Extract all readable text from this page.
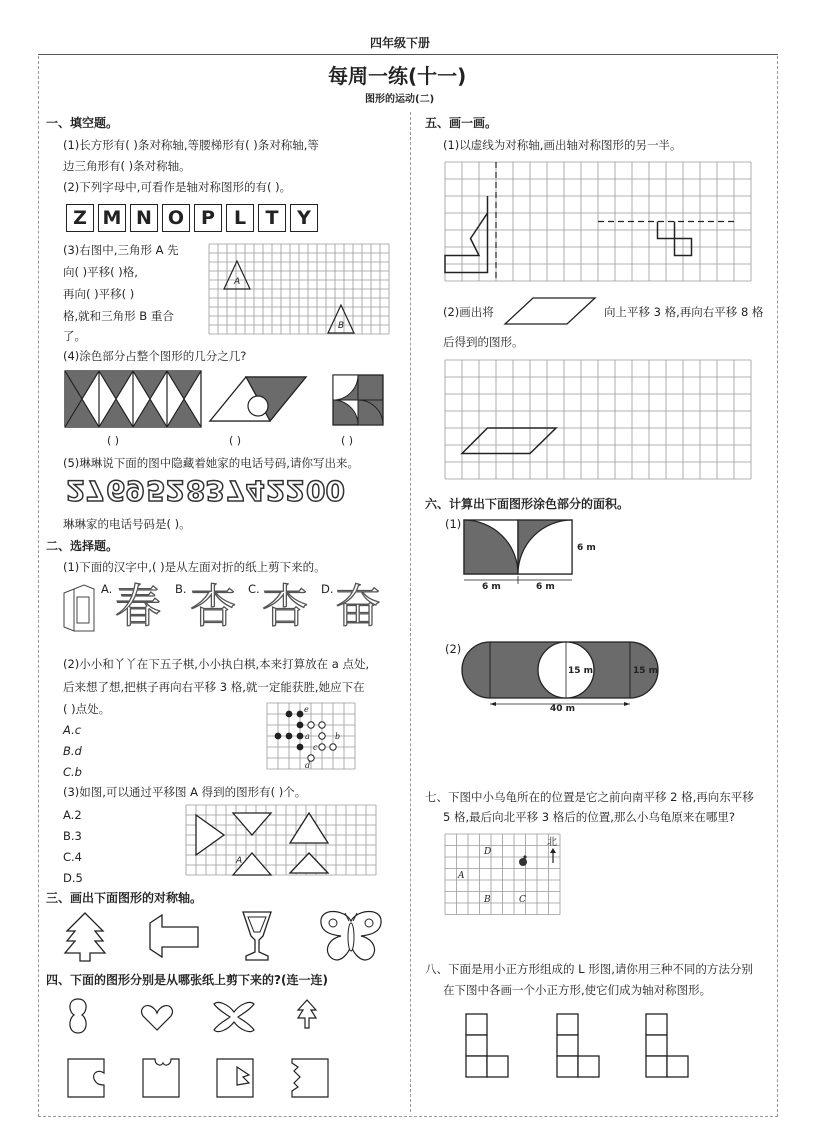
四年级下册
每周一练(十一)
图形的运动(二)
一、填空题。
(1)长方形有( )条对称轴,等腰梯形有( )条对称轴,等
边三角形有( )条对称轴。
(2)下列字母中,可看作是轴对称图形的有( )。
Z M N O P L	T Y
(3)右图中,三角形 A 先
向( )平移( )格,
再向( )平移( )
格,就和三角形 B 重合
了。
A
B
(4)涂色部分占整个图形的几分之几?
( )	( )	( )
(5)琳琳说下面的图中隐藏着她家的电话号码,请你写出来。
27 69 52 83 74 22 00
琳琳家的电话号码是( )。
二、选择题。
(1)下面的汉字中,( )是从左面对折的纸上剪下来的。
A. 春 B. 杏 C. 杏 D. 奋
(2)小小和丫丫在下五子棋,小小执白棋,本来打算放在 a 点处,
后来想了想,把棋子再向右平移 3 格,就一定能获胜,她应下在
( )点处。
A.c
B.d
C.b
e
a	b
c
d
(3)如图,可以通过平移图 A 得到的图形有( )个。
A.2
B.3
C.4
D.5
A
三、画出下面图形的对称轴。
四、下面的图形分别是从哪张纸上剪下来的?(连一连)
五、画一画。
(1)以虚线为对称轴,画出轴对称图形的另一半。
(2)画出将	向上平移 3 格,再向右平移 8 格
后得到的图形。
六、计算出下面图形涂色部分的面积。
(1)
6 m
6 m	6 m
(2)
15 m	15 m
40 m
七、下图中小乌龟所在的位置是它之前向南平移 2 格,再向东平移
5 格,最后向北平移 3 格后的位置,那么小乌龟原来在哪里?
D
A
B	C
北
八、下面是用小正方形组成的 L 形图,请你用三种不同的方法分别
在下图中各画一个小正方形,使它们成为轴对称图形。
